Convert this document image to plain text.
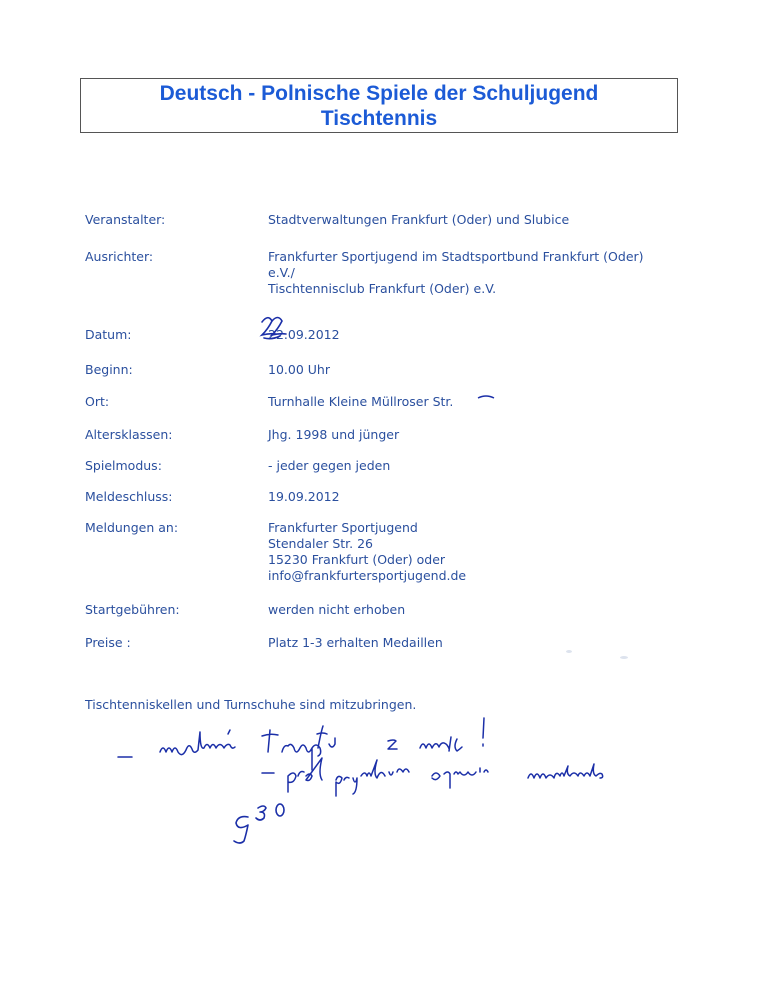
Deutsch - Polnische Spiele der Schuljugend
Tischtennis
Veranstalter:	Stadtverwaltungen Frankfurt (Oder) und Slubice
Ausrichter:	Frankfurter Sportjugend im Stadtsportbund Frankfurt (Oder)
e.V./
Tischtennisclub Frankfurt (Oder) e.V.
Datum:	22.09.2012
Beginn:	10.00 Uhr
Ort:	Turnhalle Kleine Müllroser Str.
Altersklassen:	Jhg. 1998 und jünger
Spielmodus:	- jeder gegen jeden
Meldeschluss:	19.09.2012
Meldungen an:	Frankfurter Sportjugend
Stendaler Str. 26
15230 Frankfurt (Oder) oder
info@frankfurtersportjugend.de
Startgebühren:	werden nicht erhoben
Preise :	Platz 1-3 erhalten Medaillen
Tischtenniskellen und Turnschuhe sind mitzubringen.
